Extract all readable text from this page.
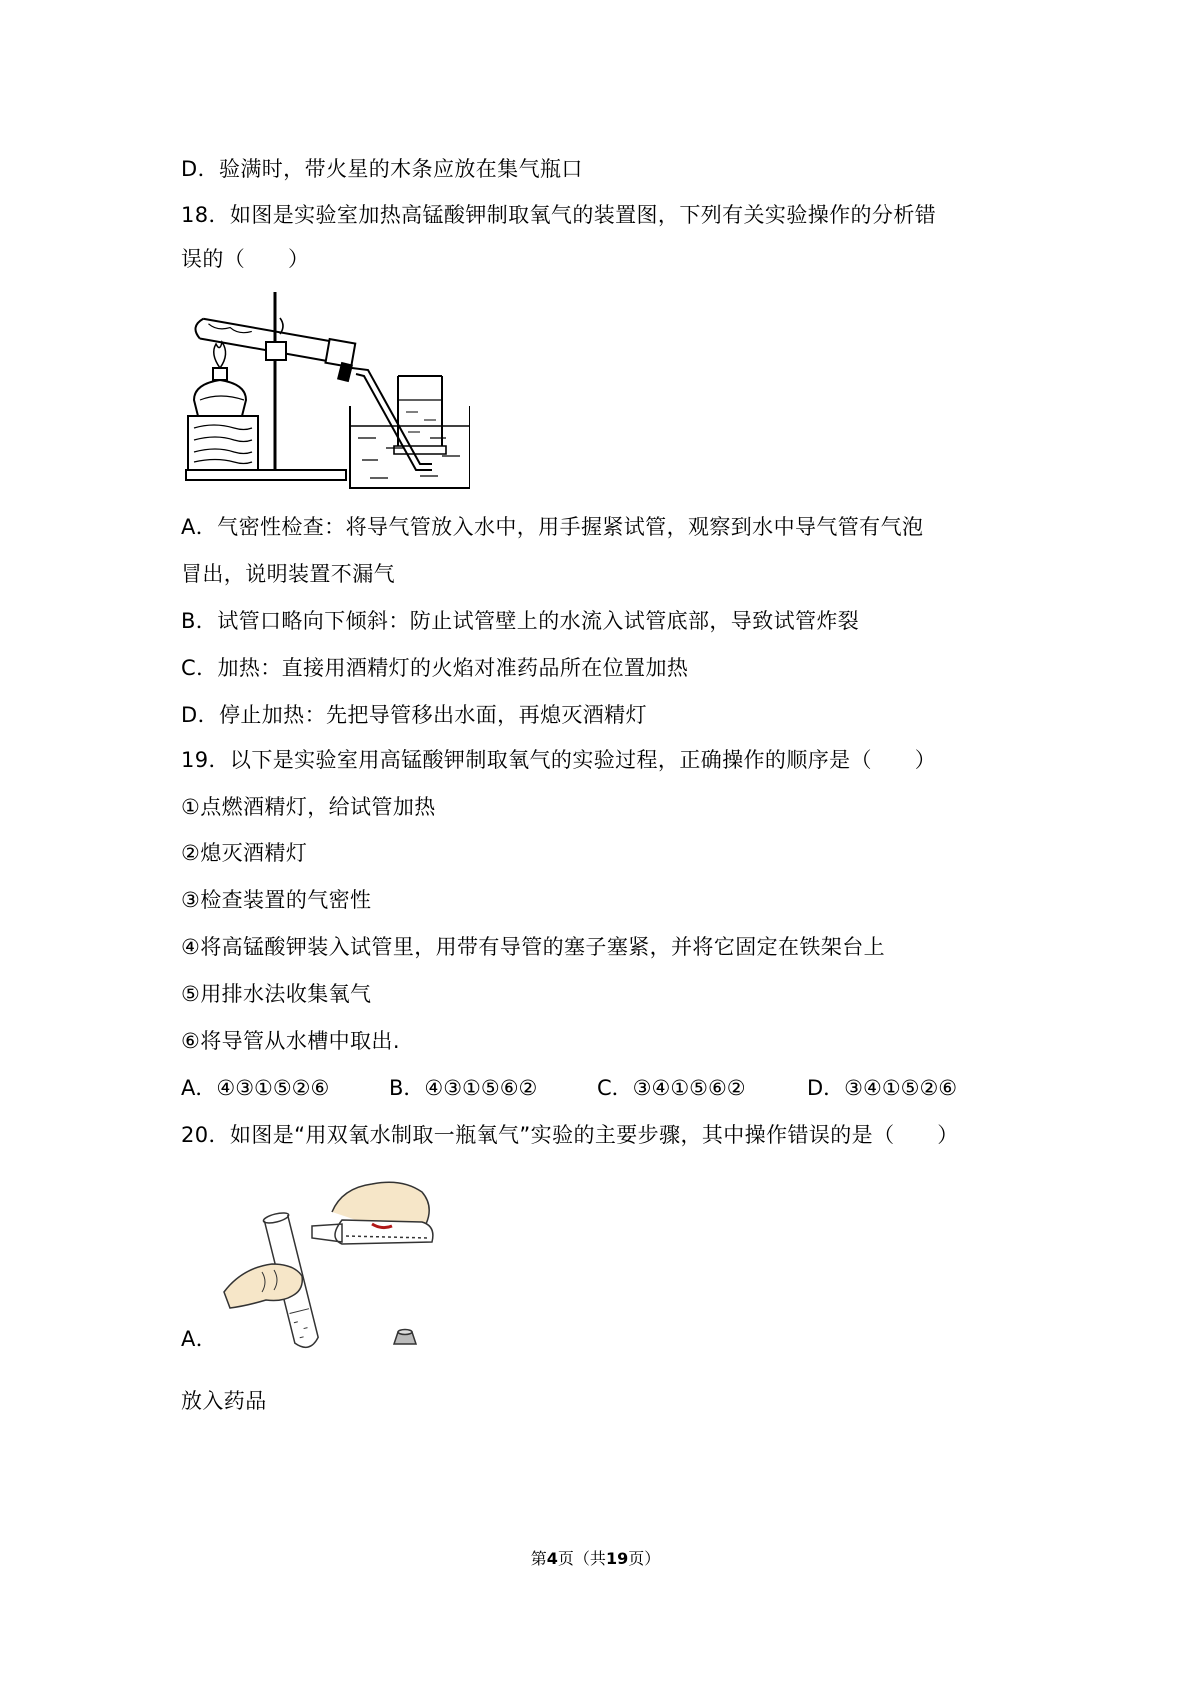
D．验满时，带火星的木条应放在集气瓶口
18．如图是实验室加热高锰酸钾制取氧气的装置图，下列有关实验操作的分析错
误的（　　）
A．气密性检查：将导气管放入水中，用手握紧试管，观察到水中导气管有气泡
冒出，说明装置不漏气
B．试管口略向下倾斜：防止试管壁上的水流入试管底部，导致试管炸裂
C．加热：直接用酒精灯的火焰对准药品所在位置加热
D．停止加热：先把导管移出水面，再熄灭酒精灯
19．以下是实验室用高锰酸钾制取氧气的实验过程，正确操作的顺序是（　　）
①点燃酒精灯，给试管加热
②熄灭酒精灯
③检查装置的气密性
④将高锰酸钾装入试管里，用带有导管的塞子塞紧，并将它固定在铁架台上
⑤用排水法收集氧气
⑥将导管从水槽中取出.
A．④③①⑤②⑥	B．④③①⑤⑥②	C．③④①⑤⑥②	D．③④①⑤②⑥
20．如图是“用双氧水制取一瓶氧气”实验的主要步骤，其中操作错误的是（　　）
A．
放入药品
第4页（共19页）
